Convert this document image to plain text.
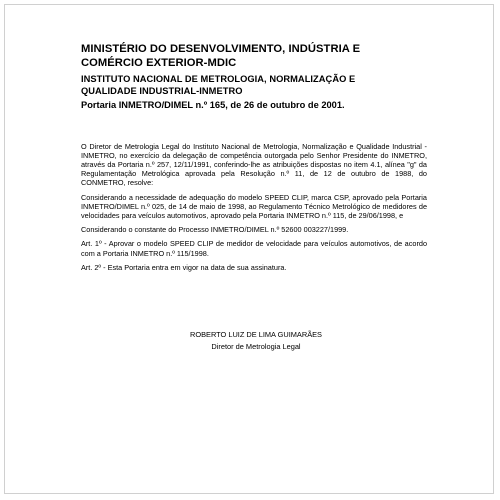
MINISTÉRIO DO DESENVOLVIMENTO, INDÚSTRIA E
COMÉRCIO EXTERIOR-MDIC
INSTITUTO NACIONAL DE METROLOGIA, NORMALIZAÇÃO E
QUALIDADE INDUSTRIAL-INMETRO

Portaria INMETRO/DIMEL n.º 165, de 26 de outubro de 2001.

O Diretor de Metrologia Legal do Instituto Nacional de Metrologia, Normalização e Qualidade Industrial - INMETRO, no exercício da delegação de competência outorgada pelo Senhor Presidente do INMETRO, através da Portaria n.º 257, 12/11/1991, conferindo-lhe as atribuições dispostas no item 4.1, alínea "g" da Regulamentação Metrológica aprovada pela Resolução n.º 11, de 12 de outubro de 1988, do CONMETRO, resolve:

Considerando a necessidade de adequação do modelo SPEED CLIP, marca CSP, aprovado pela Portaria INMETRO/DIMEL n.º 025, de 14 de maio de 1998, ao Regulamento Técnico Metrológico de medidores de velocidades para veículos automotivos, aprovado pela Portaria INMETRO n.º 115, de 29/06/1998, e

Considerando o constante do Processo INMETRO/DIMEL n.º 52600 003227/1999.

Art. 1º - Aprovar o modelo SPEED CLIP de medidor de velocidade para veículos automotivos, de acordo com a Portaria INMETRO n.º 115/1998.

Art. 2º - Esta Portaria entra em vigor na data de sua assinatura.

ROBERTO LUIZ DE LIMA GUIMARÃES

Diretor de Metrologia Legal
